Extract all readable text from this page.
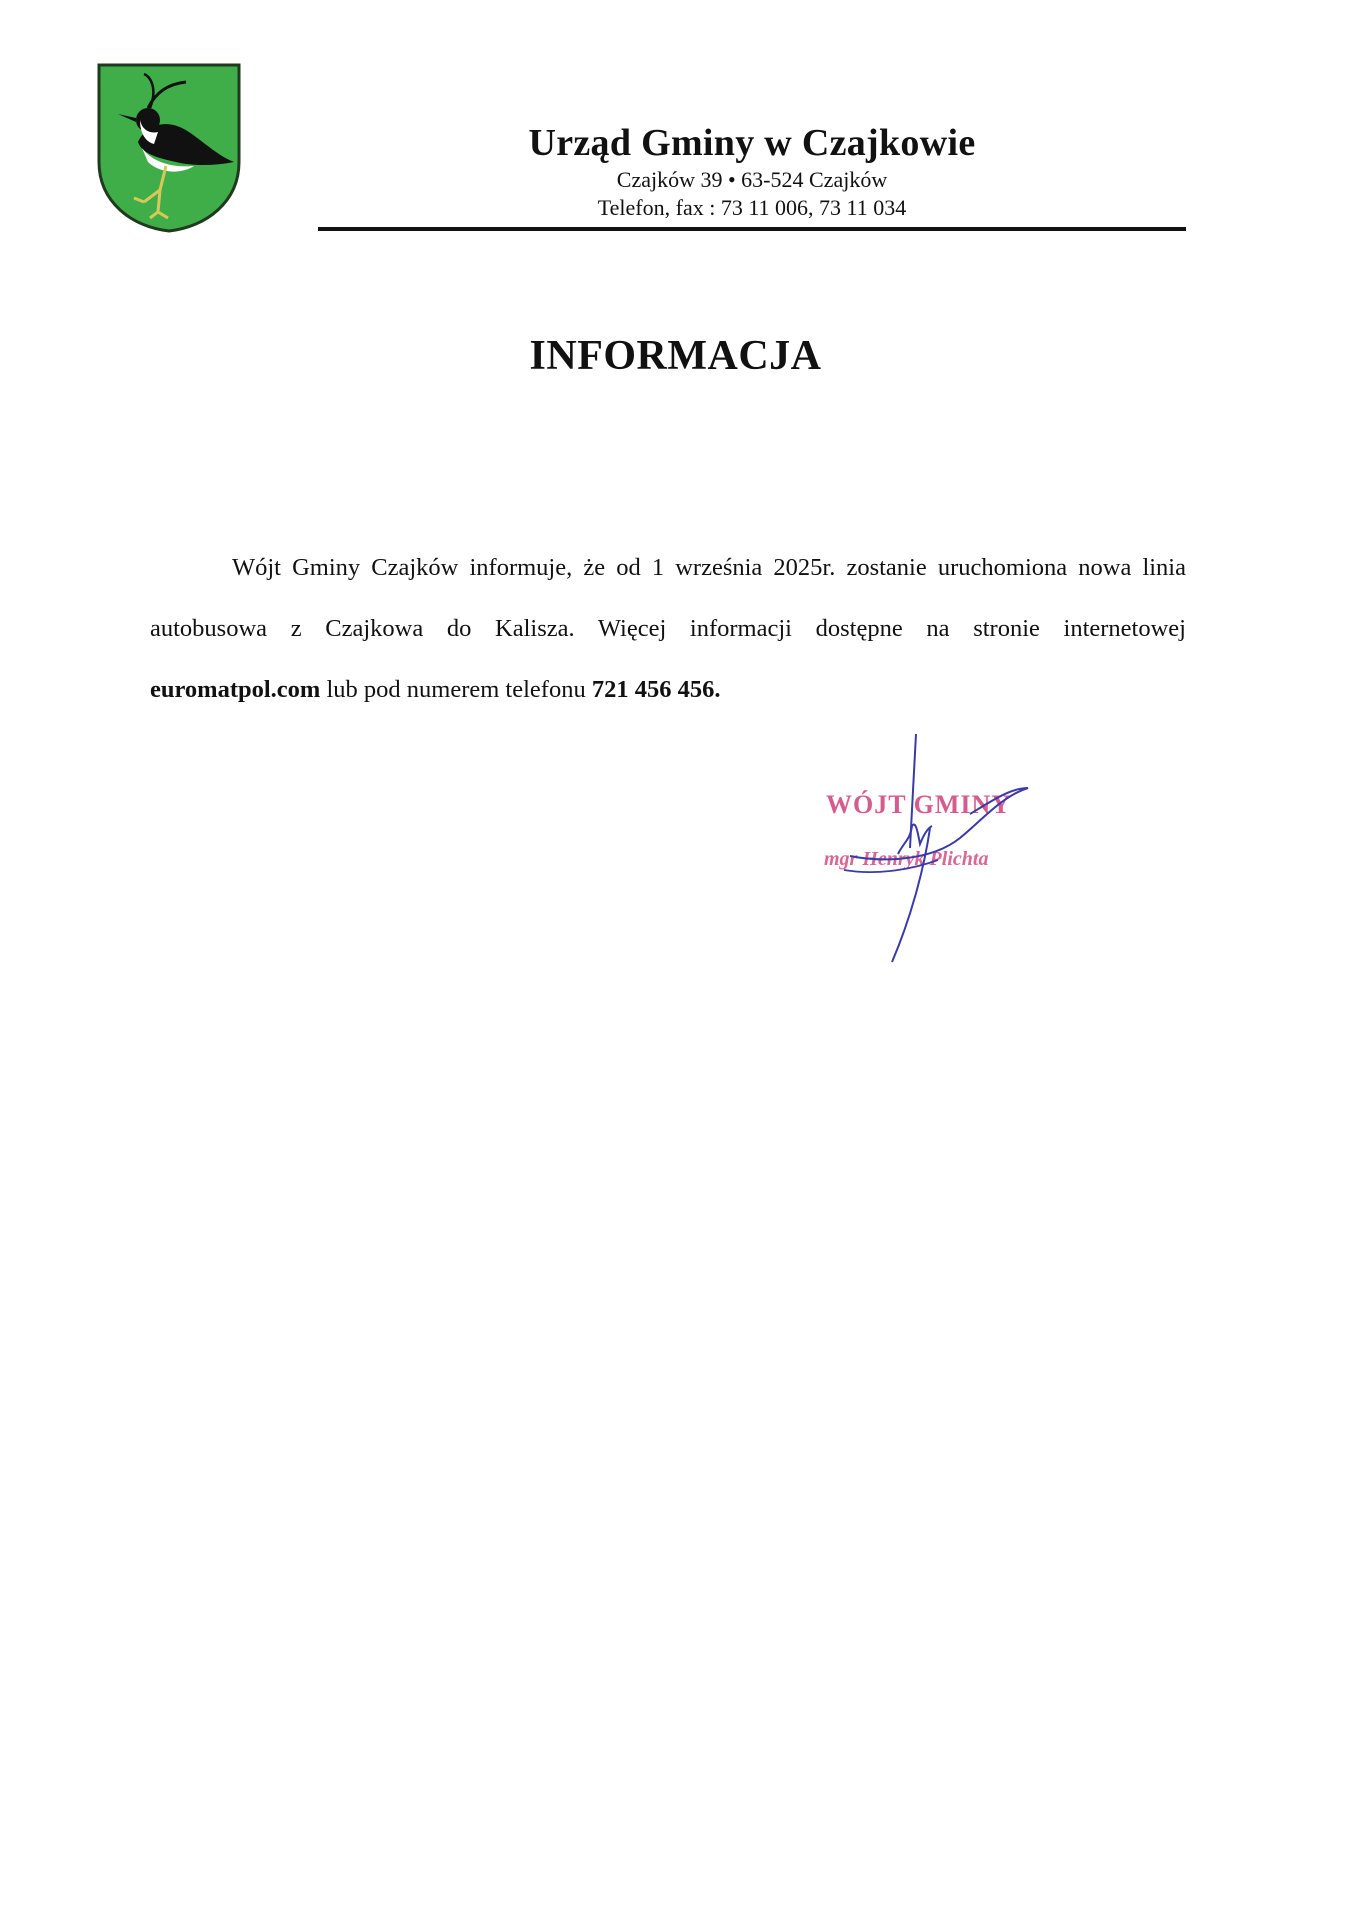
Urząd Gminy w Czajkowie
Czajków 39 • 63-524 Czajków
Telefon, fax : 73 11 006, 73 11 034
INFORMACJA
Wójt Gminy Czajków informuje, że od 1 września 2025r. zostanie uruchomiona nowa linia autobusowa z Czajkowa do Kalisza. Więcej informacji dostępne na stronie internetowej euromatpol.com lub pod numerem telefonu 721 456 456.
WÓJT GMINY
mgr Henryk Plichta
